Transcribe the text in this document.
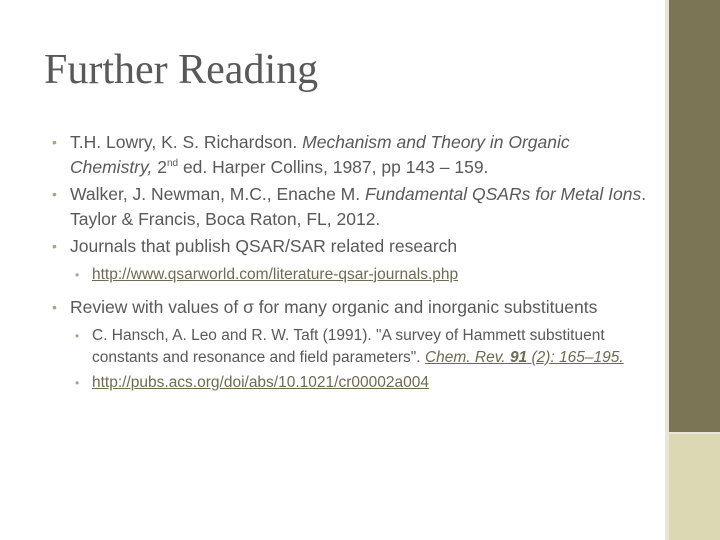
Further Reading
• T.H. Lowry, K. S. Richardson. Mechanism and Theory in Organic Chemistry, 2nd ed. Harper Collins, 1987, pp 143 – 159.
• Walker, J. Newman, M.C., Enache M. Fundamental QSARs for Metal Ions. Taylor & Francis, Boca Raton, FL, 2012.
• Journals that publish QSAR/SAR related research
• http://www.qsarworld.com/literature-qsar-journals.php
• Review with values of σ for many organic and inorganic substituents
• C. Hansch, A. Leo and R. W. Taft (1991). "A survey of Hammett substituent constants and resonance and field parameters". Chem. Rev. 91 (2): 165–195.
• http://pubs.acs.org/doi/abs/10.1021/cr00002a004
